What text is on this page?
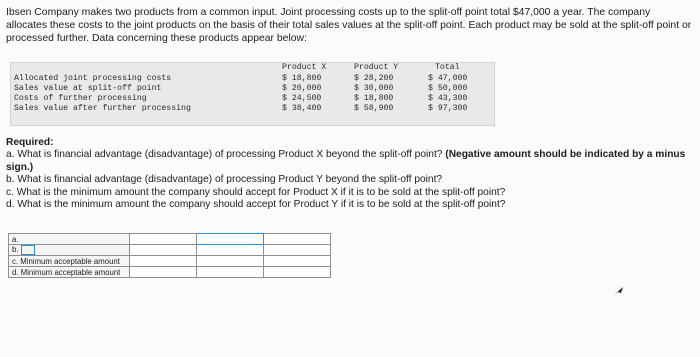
Ibsen Company makes two products from a common input. Joint processing costs up to the split-off point total $47,000 a year. The company allocates these costs to the joint products on the basis of their total sales values at the split-off point. Each product may be sold at the split-off point or processed further. Data concerning these products appear below:

Product X	Product Y	Total
Allocated joint processing costs	$ 18,800	$ 28,200	$ 47,000
Sales value at split-off point	$ 20,000	$ 30,000	$ 50,000
Costs of further processing	$ 24,500	$ 18,800	$ 43,300
Sales value after further processing	$ 38,400	$ 58,900	$ 97,300

Required:

a. What is financial advantage (disadvantage) of processing Product X beyond the split-off point? (Negative amount should be indicated by a minus sign.)

b. What is financial advantage (disadvantage) of processing Product Y beyond the split-off point?

c. What is the minimum amount the company should accept for Product X if it is to be sold at the split-off point?

d. What is the minimum amount the company should accept for Product Y if it is to be sold at the split-off point?

a.			
b.			
c. Minimum acceptable amount			
d. Minimum acceptable amount			
